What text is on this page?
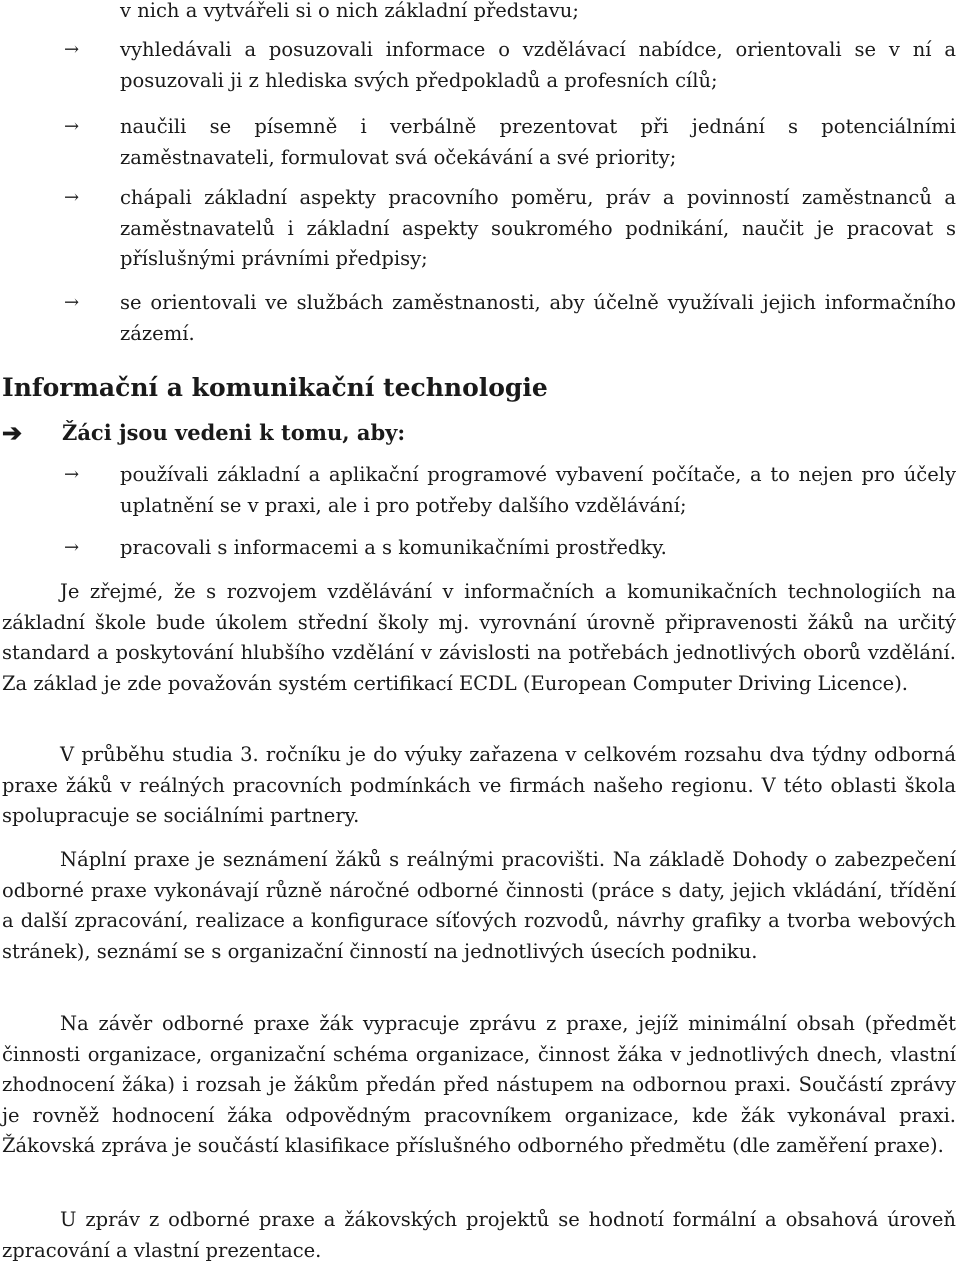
v nich a vytvářeli si o nich základní představu;

→ vyhledávali a posuzovali informace o vzdělávací nabídce, orientovali se v ní a posuzovali ji z hlediska svých předpokladů a profesních cílů;

→ naučili se písemně i verbálně prezentovat při jednání s potenciálními zaměstnavateli, formulovat svá očekávání a své priority;

→ chápali základní aspekty pracovního poměru, práv a povinností zaměstnanců a zaměstnavatelů i základní aspekty soukromého podnikání, naučit je pracovat s příslušnými právními předpisy;

→ se orientovali ve službách zaměstnanosti, aby účelně využívali jejich informačního zázemí.

Informační a komunikační technologie
➔ Žáci jsou vedeni k tomu, aby:

→ používali základní a aplikační programové vybavení počítače, a to nejen pro účely uplatnění se v praxi, ale i pro potřeby dalšího vzdělávání;

→ pracovali s informacemi a s komunikačními prostředky.

Je zřejmé, že s rozvojem vzdělávání v informačních a komunikačních technologiích na základní škole bude úkolem střední školy mj. vyrovnání úrovně připravenosti žáků na určitý standard a poskytování hlubšího vzdělání v závislosti na potřebách jednotlivých oborů vzdělání. Za základ je zde považován systém certifikací ECDL (European Computer Driving Licence).

V průběhu studia 3. ročníku je do výuky zařazena v celkovém rozsahu dva týdny odborná praxe žáků v reálných pracovních podmínkách ve firmách našeho regionu. V této oblasti škola spolupracuje se sociálními partnery.

Náplní praxe je seznámení žáků s reálnými pracovišti. Na základě Dohody o zabezpečení odborné praxe vykonávají různě náročné odborné činnosti (práce s daty, jejich vkládání, třídění a další zpracování, realizace a konfigurace síťových rozvodů, návrhy grafiky a tvorba webových stránek), seznámí se s organizační činností na jednotlivých úsecích podniku.

Na závěr odborné praxe žák vypracuje zprávu z praxe, jejíž minimální obsah (předmět činnosti organizace, organizační schéma organizace, činnost žáka v jednotlivých dnech, vlastní zhodnocení žáka) i rozsah je žákům předán před nástupem na odbornou praxi. Součástí zprávy je rovněž hodnocení žáka odpovědným pracovníkem organizace, kde žák vykonával praxi. Žákovská zpráva je součástí klasifikace příslušného odborného předmětu (dle zaměření praxe).

U zpráv z odborné praxe a žákovských projektů se hodnotí formální a obsahová úroveň zpracování a vlastní prezentace.
